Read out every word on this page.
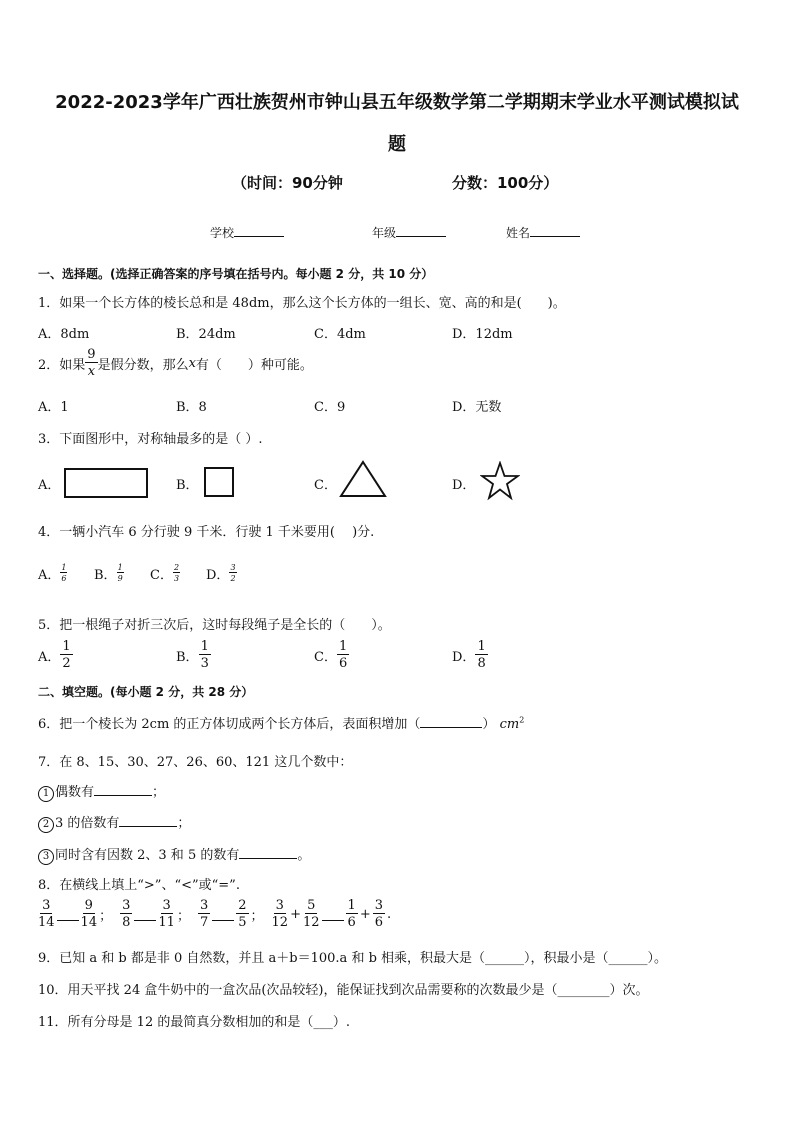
2022-2023学年广西壮族贺州市钟山县五年级数学第二学期期末学业水平测试模拟试
题
（时间：90分钟	分数：100分）
学校	年级	姓名
一、选择题。(选择正确答案的序号填在括号内。每小题 2 分，共 10 分）
1．如果一个长方体的棱长总和是 48dm，那么这个长方体的一组长、宽、高的和是(　　)。
A．8dm	B．24dm	C．4dm	D．12dm
2．如果 $\frac{9}{x}$ 是假分数，那么 x 有（　　）种可能。
A．1	B．8	C．9	D．无数
3．下面图形中，对称轴最多的是（ ）.
A．	B．	C．	D．
4．一辆小汽车 6 分行驶 9 千米．行驶 1 千米要用(　 )分.
A． $\frac{1}{6}$ B． $\frac{1}{9}$ C． $\frac{2}{3}$ D． $\frac{3}{2}$
5．把一根绳子对折三次后，这时每段绳子是全长的（　　）。
A． $\frac{1}{2}$	B． $\frac{1}{3}$	C． $\frac{1}{6}$	D． $\frac{1}{8}$
二、填空题。(每小题 2 分，共 28 分）
6．把一个棱长为 2cm 的正方体切成两个长方体后，表面积增加（	） $cm^2$
7．在 8、15、30、27、26、60、121 这几个数中：
1 偶数有	；
2 3 的倍数有	；
3 同时含有因数 2、3 和 5 的数有	。
8．在横线上填上“>”、“<”或“=”.
$\frac{3}{14} \frac{9}{14}$ ； $\frac{3}{8} \frac{3}{11}$ ； $\frac{3}{7} \frac{2}{5}$ ； $\frac{3}{12} + \frac{5}{12} \frac{1}{6} + \frac{3}{6}$ .
9．已知 a 和 b 都是非 0 自然数，并且 a＋b＝100.a 和 b 相乘，积最大是（______），积最小是（______）。
10．用天平找 24 盒牛奶中的一盒次品(次品较轻)，能保证找到次品需要称的次数最少是（________）次。
11．所有分母是 12 的最简真分数相加的和是（___）.
